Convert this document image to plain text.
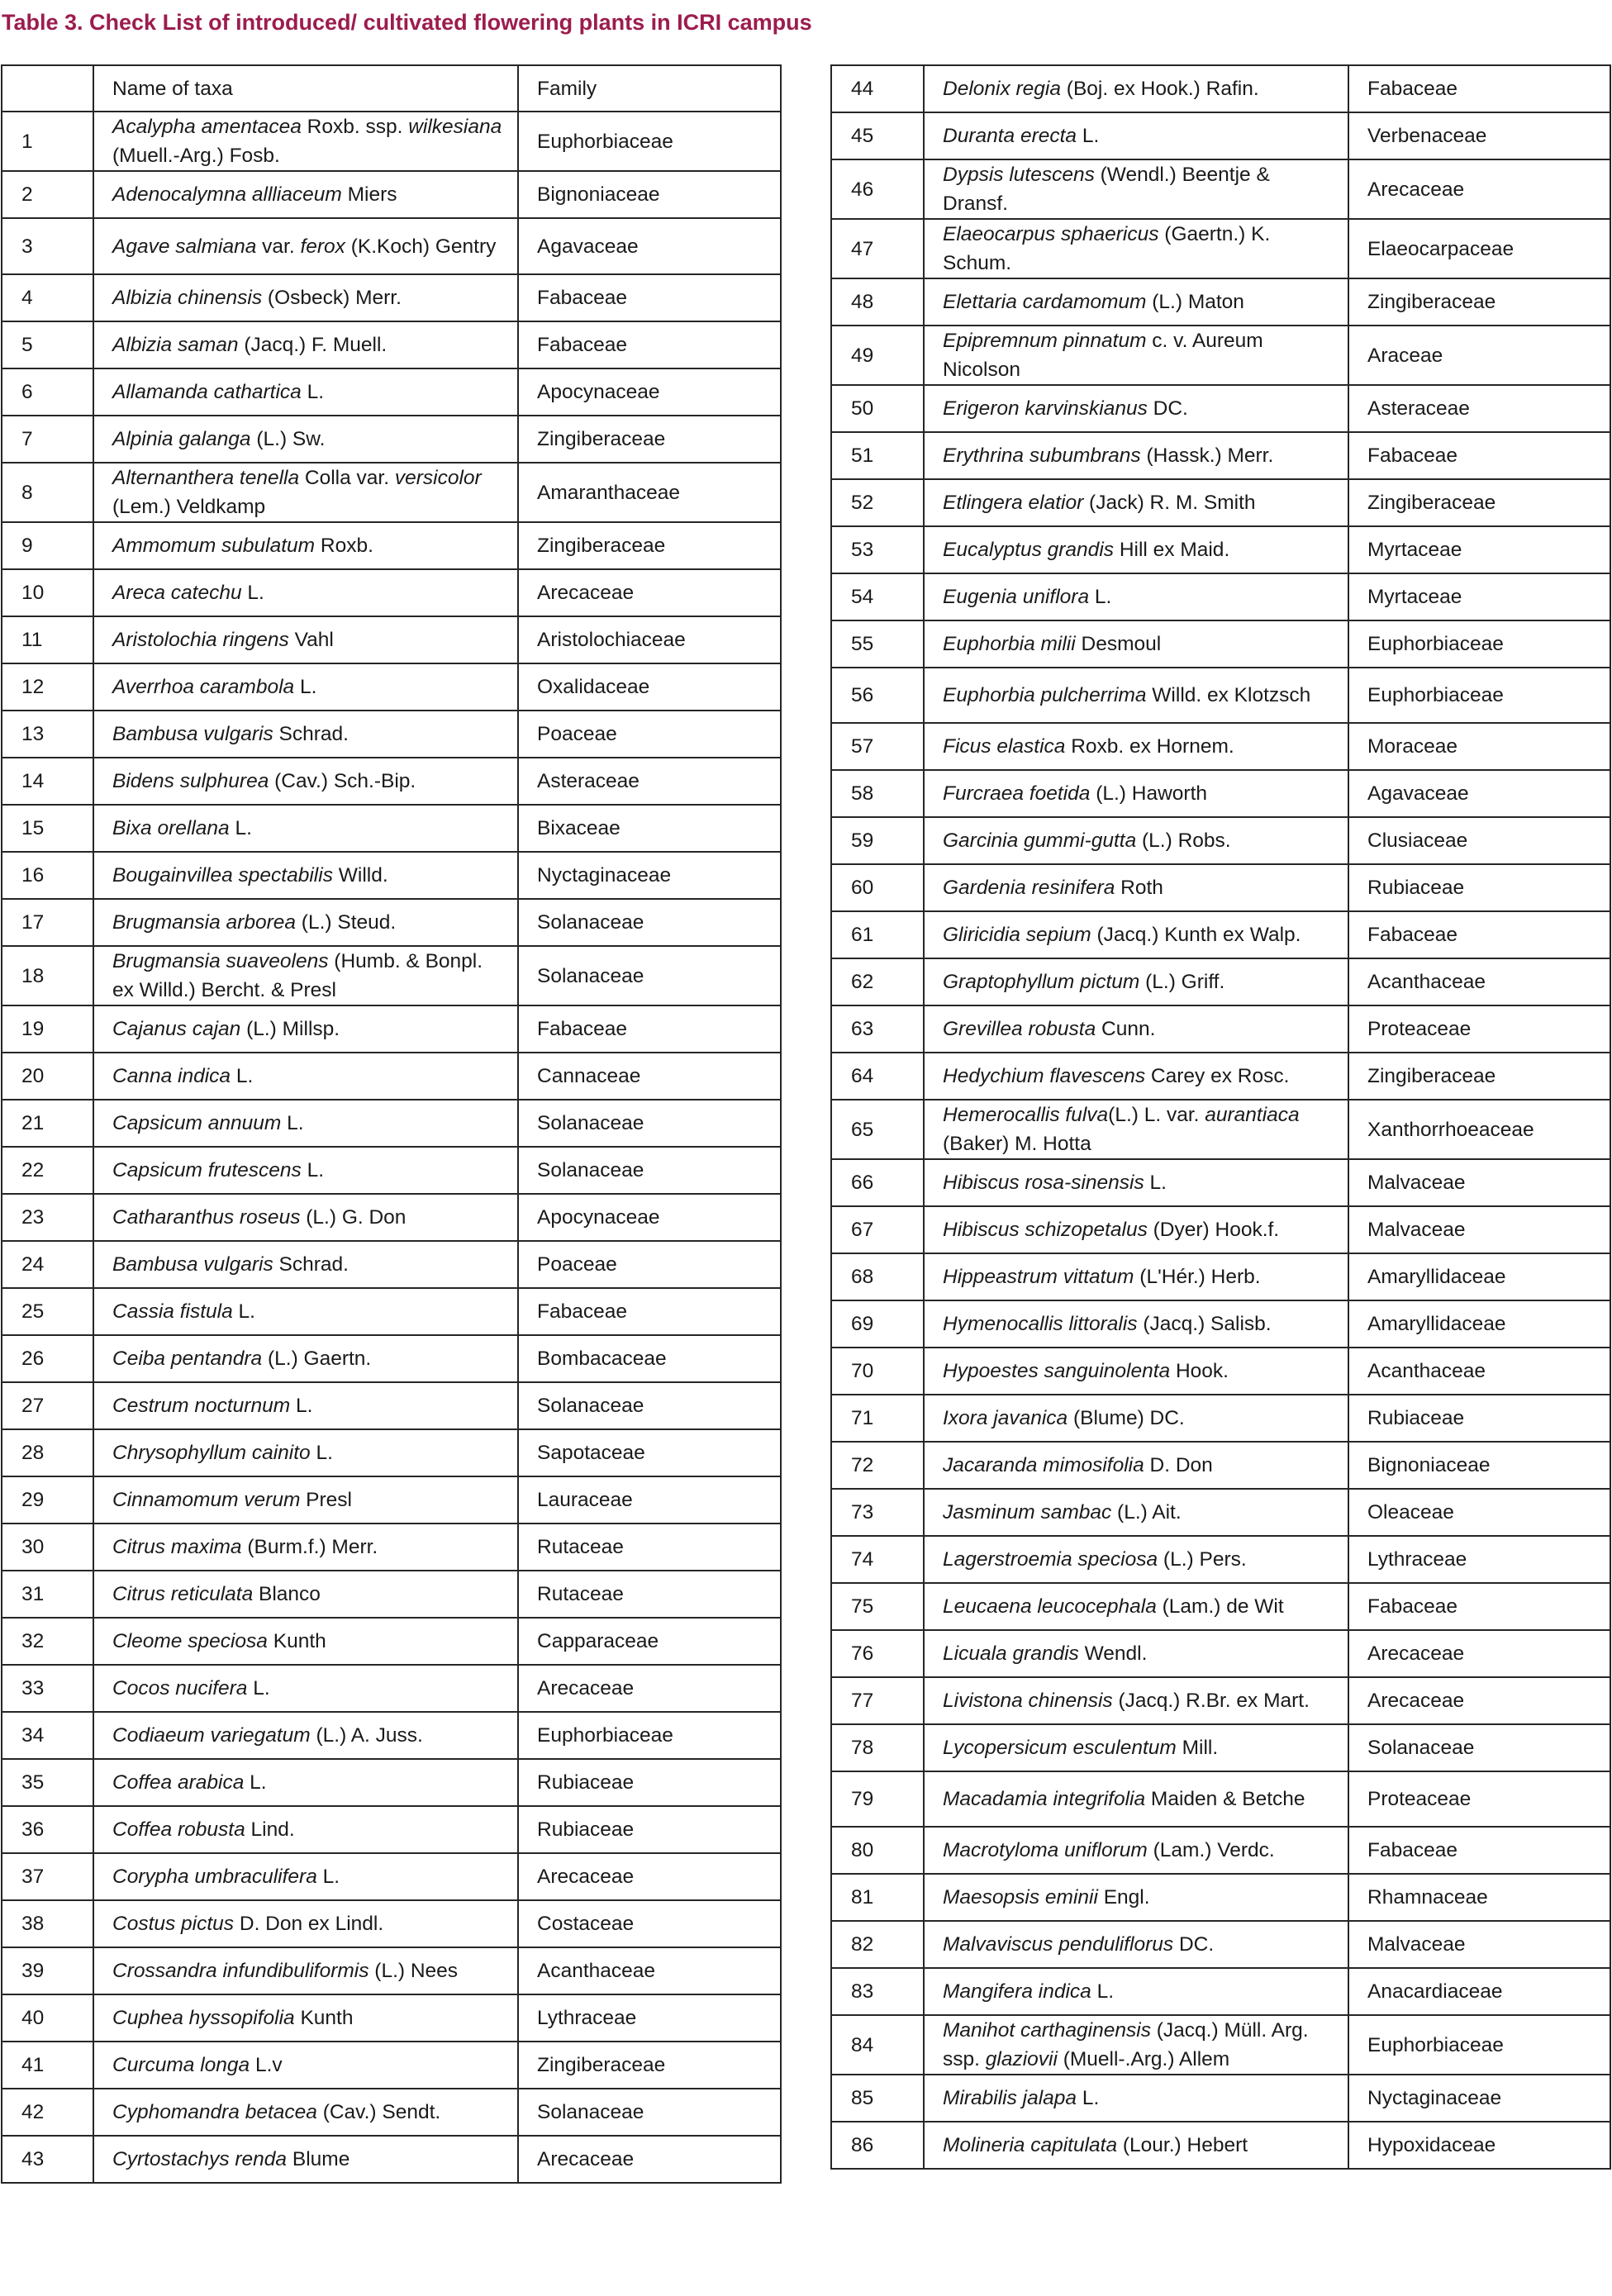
Table 3. Check List of introduced/ cultivated flowering plants in ICRI campus
	Name of taxa	Family
1	Acalypha amentacea Roxb. ssp. wilkesiana (Muell.-Arg.) Fosb.	Euphorbiaceae
2	Adenocalymna allliaceum Miers	Bignoniaceae
3	Agave salmiana var. ferox (K.Koch) Gentry	Agavaceae
4	Albizia chinensis (Osbeck) Merr.	Fabaceae
5	Albizia saman (Jacq.) F. Muell.	Fabaceae
6	Allamanda cathartica L.	Apocynaceae
7	Alpinia galanga (L.) Sw.	Zingiberaceae
8	Alternanthera tenella Colla var. versicolor (Lem.) Veldkamp	Amaranthaceae
9	Ammomum subulatum Roxb.	Zingiberaceae
10	Areca catechu L.	Arecaceae
11	Aristolochia ringens Vahl	Aristolochiaceae
12	Averrhoa carambola L.	Oxalidaceae
13	Bambusa vulgaris Schrad.	Poaceae
14	Bidens sulphurea (Cav.) Sch.-Bip.	Asteraceae
15	Bixa orellana L.	Bixaceae
16	Bougainvillea spectabilis Willd.	Nyctaginaceae
17	Brugmansia arborea (L.) Steud.	Solanaceae
18	Brugmansia suaveolens (Humb. & Bonpl. ex Willd.) Bercht. & Presl	Solanaceae
19	Cajanus cajan (L.) Millsp.	Fabaceae
20	Canna indica L.	Cannaceae
21	Capsicum annuum L.	Solanaceae
22	Capsicum frutescens L.	Solanaceae
23	Catharanthus roseus (L.) G. Don	Apocynaceae
24	Bambusa vulgaris Schrad.	Poaceae
25	Cassia fistula L.	Fabaceae
26	Ceiba pentandra (L.) Gaertn.	Bombacaceae
27	Cestrum nocturnum L.	Solanaceae
28	Chrysophyllum cainito L.	Sapotaceae
29	Cinnamomum verum Presl	Lauraceae
30	Citrus maxima (Burm.f.) Merr.	Rutaceae
31	Citrus reticulata Blanco	Rutaceae
32	Cleome speciosa Kunth	Capparaceae
33	Cocos nucifera L.	Arecaceae
34	Codiaeum variegatum (L.) A. Juss.	Euphorbiaceae
35	Coffea arabica L.	Rubiaceae
36	Coffea robusta Lind.	Rubiaceae
37	Corypha umbraculifera L.	Arecaceae
38	Costus pictus D. Don ex Lindl.	Costaceae
39	Crossandra infundibuliformis (L.) Nees	Acanthaceae
40	Cuphea hyssopifolia Kunth	Lythraceae
41	Curcuma longa L.v	Zingiberaceae
42	Cyphomandra betacea (Cav.) Sendt.	Solanaceae
43	Cyrtostachys renda Blume	Arecaceae
44	Delonix regia (Boj. ex Hook.) Rafin.	Fabaceae
45	Duranta erecta L.	Verbenaceae
46	Dypsis lutescens (Wendl.) Beentje & Dransf.	Arecaceae
47	Elaeocarpus sphaericus (Gaertn.) K. Schum.	Elaeocarpaceae
48	Elettaria cardamomum (L.) Maton	Zingiberaceae
49	Epipremnum pinnatum c. v. Aureum Nicolson	Araceae
50	Erigeron karvinskianus DC.	Asteraceae
51	Erythrina subumbrans (Hassk.) Merr.	Fabaceae
52	Etlingera elatior (Jack) R. M. Smith	Zingiberaceae
53	Eucalyptus grandis Hill ex Maid.	Myrtaceae
54	Eugenia uniflora L.	Myrtaceae
55	Euphorbia milii Desmoul	Euphorbiaceae
56	Euphorbia pulcherrima Willd. ex Klotzsch	Euphorbiaceae
57	Ficus elastica Roxb. ex Hornem.	Moraceae
58	Furcraea foetida (L.) Haworth	Agavaceae
59	Garcinia gummi-gutta (L.) Robs.	Clusiaceae
60	Gardenia resinifera Roth	Rubiaceae
61	Gliricidia sepium (Jacq.) Kunth ex Walp.	Fabaceae
62	Graptophyllum pictum (L.) Griff.	Acanthaceae
63	Grevillea robusta Cunn.	Proteaceae
64	Hedychium flavescens Carey ex Rosc.	Zingiberaceae
65	Hemerocallis fulva(L.) L. var. aurantiaca (Baker) M. Hotta	Xanthorrhoeaceae
66	Hibiscus rosa-sinensis L.	Malvaceae
67	Hibiscus schizopetalus (Dyer) Hook.f.	Malvaceae
68	Hippeastrum vittatum (L'Hér.) Herb.	Amaryllidaceae
69	Hymenocallis littoralis (Jacq.) Salisb.	Amaryllidaceae
70	Hypoestes sanguinolenta Hook.	Acanthaceae
71	Ixora javanica (Blume) DC.	Rubiaceae
72	Jacaranda mimosifolia D. Don	Bignoniaceae
73	Jasminum sambac (L.) Ait.	Oleaceae
74	Lagerstroemia speciosa (L.) Pers.	Lythraceae
75	Leucaena leucocephala (Lam.) de Wit	Fabaceae
76	Licuala grandis Wendl.	Arecaceae
77	Livistona chinensis (Jacq.) R.Br. ex Mart.	Arecaceae
78	Lycopersicum esculentum Mill.	Solanaceae
79	Macadamia integrifolia Maiden & Betche	Proteaceae
80	Macrotyloma uniflorum (Lam.) Verdc.	Fabaceae
81	Maesopsis eminii Engl.	Rhamnaceae
82	Malvaviscus penduliflorus DC.	Malvaceae
83	Mangifera indica L.	Anacardiaceae
84	Manihot carthaginensis (Jacq.) Müll. Arg. ssp. glaziovii (Muell-.Arg.) Allem	Euphorbiaceae
85	Mirabilis jalapa L.	Nyctaginaceae
86	Molineria capitulata (Lour.) Hebert	Hypoxidaceae
